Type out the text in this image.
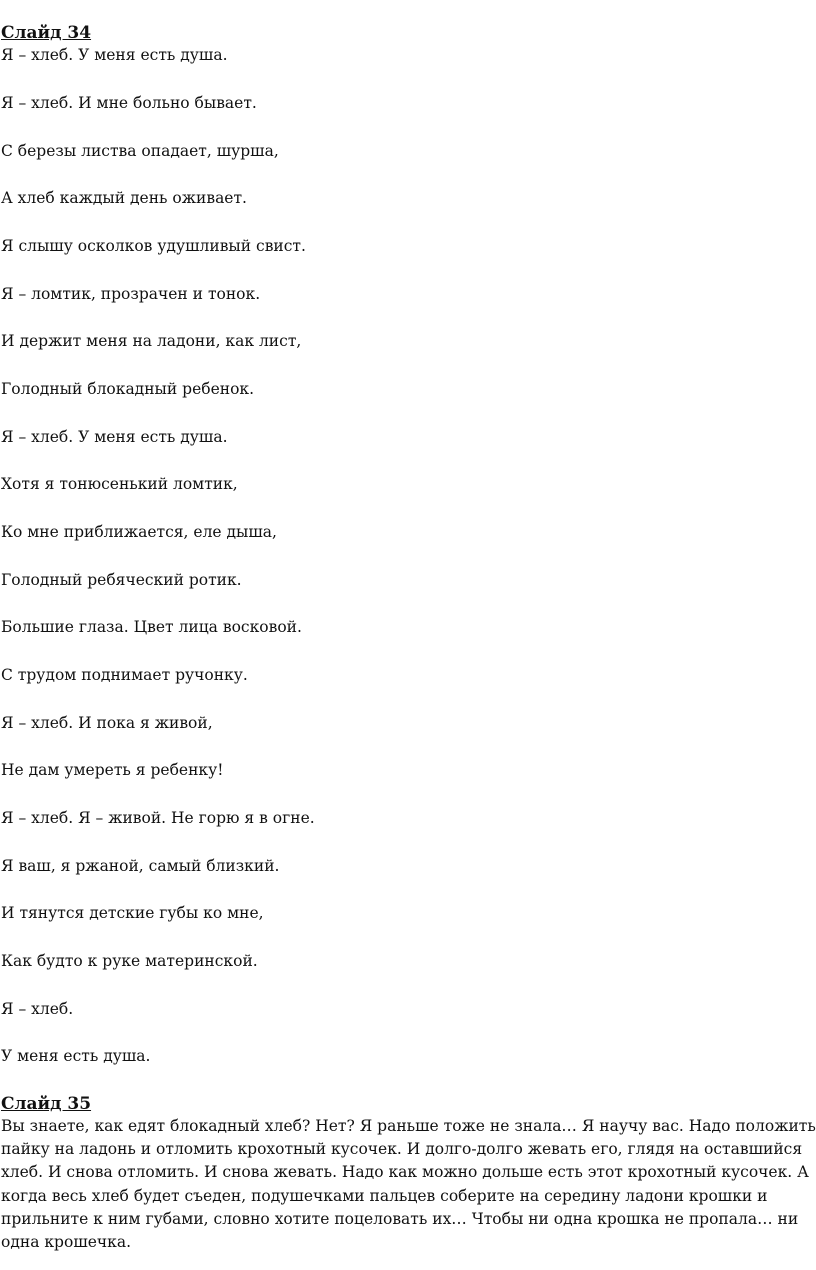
Слайд 34
Я – хлеб. У меня есть душа.
Я – хлеб. И мне больно бывает.
С березы листва опадает, шурша,
А хлеб каждый день оживает.
Я слышу осколков удушливый свист.
Я – ломтик, прозрачен и тонок.
И держит меня на ладони, как лист,
Голодный блокадный ребенок.
Я – хлеб. У меня есть душа.
Хотя я тонюсенький ломтик,
Ко мне приближается, еле дыша,
Голодный ребяческий ротик.
Большие глаза. Цвет лица восковой.
С трудом поднимает ручонку.
Я – хлеб. И пока я живой,
Не дам умереть я ребенку!
Я – хлеб. Я – живой. Не горю я в огне.
Я ваш, я ржаной, самый близкий.
И тянутся детские губы ко мне,
Как будто к руке материнской.
Я – хлеб.
У меня есть душа.
Слайд 35
Вы знаете, как едят блокадный хлеб? Нет? Я раньше тоже не знала… Я научу вас. Надо положить
пайку на ладонь и отломить крохотный кусочек. И долго-долго жевать его, глядя на оставшийся
хлеб. И снова отломить. И снова жевать. Надо как можно дольше есть этот крохотный кусочек. А
когда весь хлеб будет съеден, подушечками пальцев соберите на середину ладони крошки и
прильните к ним губами, словно хотите поцеловать их… Чтобы ни одна крошка не пропала… ни
одна крошечка.
